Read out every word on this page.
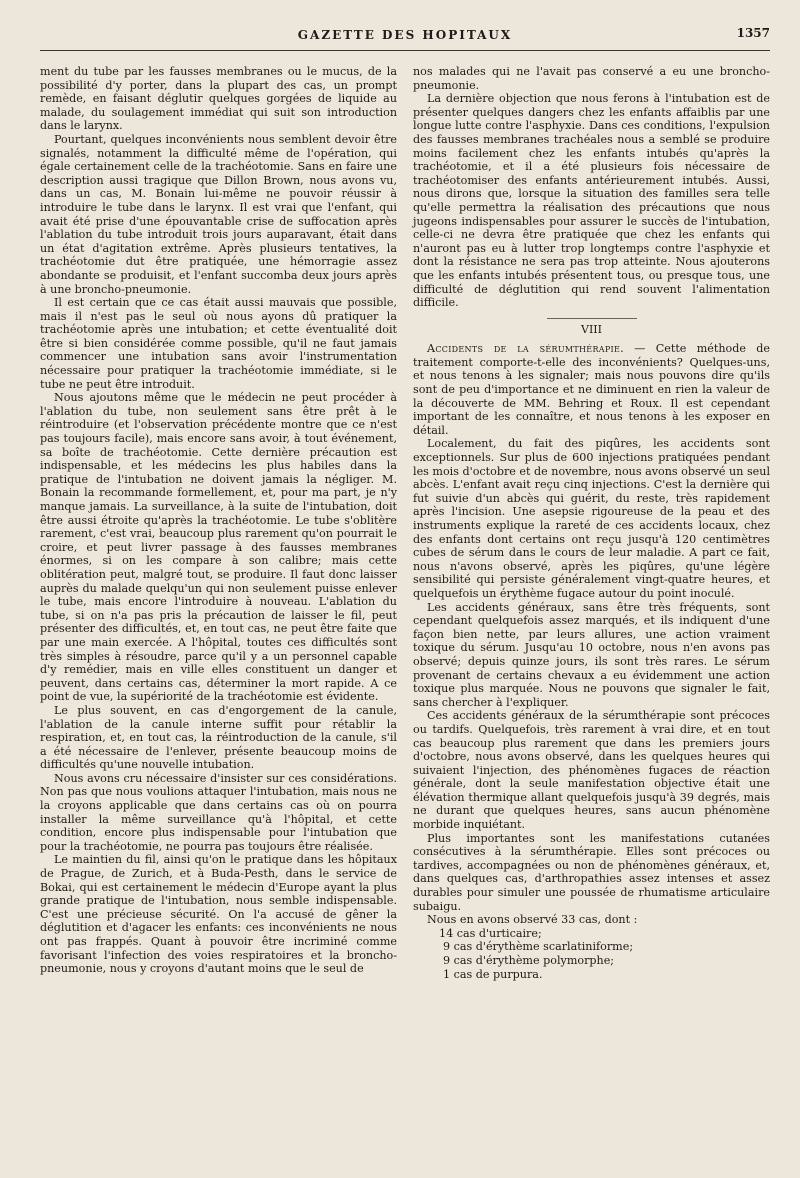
GAZETTE DES HOPITAUX	1357

ment du tube par les fausses membranes ou le mucus, de la possibilité d'y porter, dans la plupart des cas, un prompt remède, en faisant déglutir quelques gorgées de liquide au malade, du soulagement immédiat qui suit son introduction dans le larynx.

Pourtant, quelques inconvénients nous semblent devoir être signalés, notamment la difficulté même de l'opération, qui égale certainement celle de la trachéotomie. Sans en faire une description aussi tragique que Dillon Brown, nous avons vu, dans un cas, M. Bonain lui-même ne pouvoir réussir à introduire le tube dans le larynx. Il est vrai que l'enfant, qui avait été prise d'une épouvantable crise de suffocation après l'ablation du tube introduit trois jours auparavant, était dans un état d'agitation extrême. Après plusieurs tentatives, la trachéotomie dut être pratiquée, une hémorragie assez abondante se produisit, et l'enfant succomba deux jours après à une broncho-pneumonie.

Il est certain que ce cas était aussi mauvais que possible, mais il n'est pas le seul où nous ayons dû pratiquer la trachéotomie après une intubation; et cette éventualité doit être si bien considérée comme possible, qu'il ne faut jamais commencer une intubation sans avoir l'instrumentation nécessaire pour pratiquer la trachéotomie immédiate, si le tube ne peut être introduit.

Nous ajoutons même que le médecin ne peut procéder à l'ablation du tube, non seulement sans être prêt à le réintroduire (et l'observation précédente montre que ce n'est pas toujours facile), mais encore sans avoir, à tout événement, sa boîte de trachéotomie. Cette dernière précaution est indispensable, et les médecins les plus habiles dans la pratique de l'intubation ne doivent jamais la négliger. M. Bonain la recommande formellement, et, pour ma part, je n'y manque jamais. La surveillance, à la suite de l'intubation, doit être aussi étroite qu'après la trachéotomie. Le tube s'oblitère rarement, c'est vrai, beaucoup plus rarement qu'on pourrait le croire, et peut livrer passage à des fausses membranes énormes, si on les compare à son calibre; mais cette oblitération peut, malgré tout, se produire. Il faut donc laisser auprès du malade quelqu'un qui non seulement puisse enlever le tube, mais encore l'introduire à nouveau. L'ablation du tube, si on n'a pas pris la précaution de laisser le fil, peut présenter des difficultés, et, en tout cas, ne peut être faite que par une main exercée. A l'hôpital, toutes ces difficultés sont très simples à résoudre, parce qu'il y a un personnel capable d'y remédier, mais en ville elles constituent un danger et peuvent, dans certains cas, déterminer la mort rapide. A ce point de vue, la supériorité de la trachéotomie est évidente.

Le plus souvent, en cas d'engorgement de la canule, l'ablation de la canule interne suffit pour rétablir la respiration, et, en tout cas, la réintroduction de la canule, s'il a été nécessaire de l'enlever, présente beaucoup moins de difficultés qu'une nouvelle intubation.

Nous avons cru nécessaire d'insister sur ces considérations. Non pas que nous voulions attaquer l'intubation, mais nous ne la croyons applicable que dans certains cas où on pourra installer la même surveillance qu'à l'hôpital, et cette condition, encore plus indispensable pour l'intubation que pour la trachéotomie, ne pourra pas toujours être réalisée.

Le maintien du fil, ainsi qu'on le pratique dans les hôpitaux de Prague, de Zurich, et à Buda-Pesth, dans le service de Bokai, qui est certainement le médecin d'Europe ayant la plus grande pratique de l'intubation, nous semble indispensable. C'est une précieuse sécurité. On l'a accusé de gêner la déglutition et d'agacer les enfants: ces inconvénients ne nous ont pas frappés. Quant à pouvoir être incriminé comme favorisant l'infection des voies respiratoires et la broncho-pneumonie, nous y croyons d'autant moins que le seul de

nos malades qui ne l'avait pas conservé a eu une broncho-pneumonie.

La dernière objection que nous ferons à l'intubation est de présenter quelques dangers chez les enfants affaiblis par une longue lutte contre l'asphyxie. Dans ces conditions, l'expulsion des fausses membranes trachéales nous a semblé se produire moins facilement chez les enfants intubés qu'après la trachéotomie, et il a été plusieurs fois nécessaire de trachéotomiser des enfants antérieurement intubés. Aussi, nous dirons que, lorsque la situation des familles sera telle qu'elle permettra la réalisation des précautions que nous jugeons indispensables pour assurer le succès de l'intubation, celle-ci ne devra être pratiquée que chez les enfants qui n'auront pas eu à lutter trop longtemps contre l'asphyxie et dont la résistance ne sera pas trop atteinte. Nous ajouterons que les enfants intubés présentent tous, ou presque tous, une difficulté de déglutition qui rend souvent l'alimentation difficile.

VIII

Accidents de la sérumthérapie. — Cette méthode de traitement comporte-t-elle des inconvénients? Quelques-uns, et nous tenons à les signaler; mais nous pouvons dire qu'ils sont de peu d'importance et ne diminuent en rien la valeur de la découverte de MM. Behring et Roux. Il est cependant important de les connaître, et nous tenons à les exposer en détail.

Localement, du fait des piqûres, les accidents sont exceptionnels. Sur plus de 600 injections pratiquées pendant les mois d'octobre et de novembre, nous avons observé un seul abcès. L'enfant avait reçu cinq injections. C'est la dernière qui fut suivie d'un abcès qui guérit, du reste, très rapidement après l'incision. Une asepsie rigoureuse de la peau et des instruments explique la rareté de ces accidents locaux, chez des enfants dont certains ont reçu jusqu'à 120 centimètres cubes de sérum dans le cours de leur maladie. A part ce fait, nous n'avons observé, après les piqûres, qu'une légère sensibilité qui persiste généralement vingt-quatre heures, et quelquefois un érythème fugace autour du point inoculé.

Les accidents généraux, sans être très fréquents, sont cependant quelquefois assez marqués, et ils indiquent d'une façon bien nette, par leurs allures, une action vraiment toxique du sérum. Jusqu'au 10 octobre, nous n'en avons pas observé; depuis quinze jours, ils sont très rares. Le sérum provenant de certains chevaux a eu évidemment une action toxique plus marquée. Nous ne pouvons que signaler le fait, sans chercher à l'expliquer.

Ces accidents généraux de la sérumthérapie sont précoces ou tardifs. Quelquefois, très rarement à vrai dire, et en tout cas beaucoup plus rarement que dans les premiers jours d'octobre, nous avons observé, dans les quelques heures qui suivaient l'injection, des phénomènes fugaces de réaction générale, dont la seule manifestation objective était une élévation thermique allant quelquefois jusqu'à 39 degrés, mais ne durant que quelques heures, sans aucun phénomène morbide inquiétant.

Plus importantes sont les manifestations cutanées consécutives à la sérumthérapie. Elles sont précoces ou tardives, accompagnées ou non de phénomènes généraux, et, dans quelques cas, d'arthropathies assez intenses et assez durables pour simuler une poussée de rhumatisme articulaire subaigu.

Nous en avons observé 33 cas, dont :

14 cas d'urticaire;
9 cas d'érythème scarlatiniforme;
9 cas d'érythème polymorphe;
1 cas de purpura.
